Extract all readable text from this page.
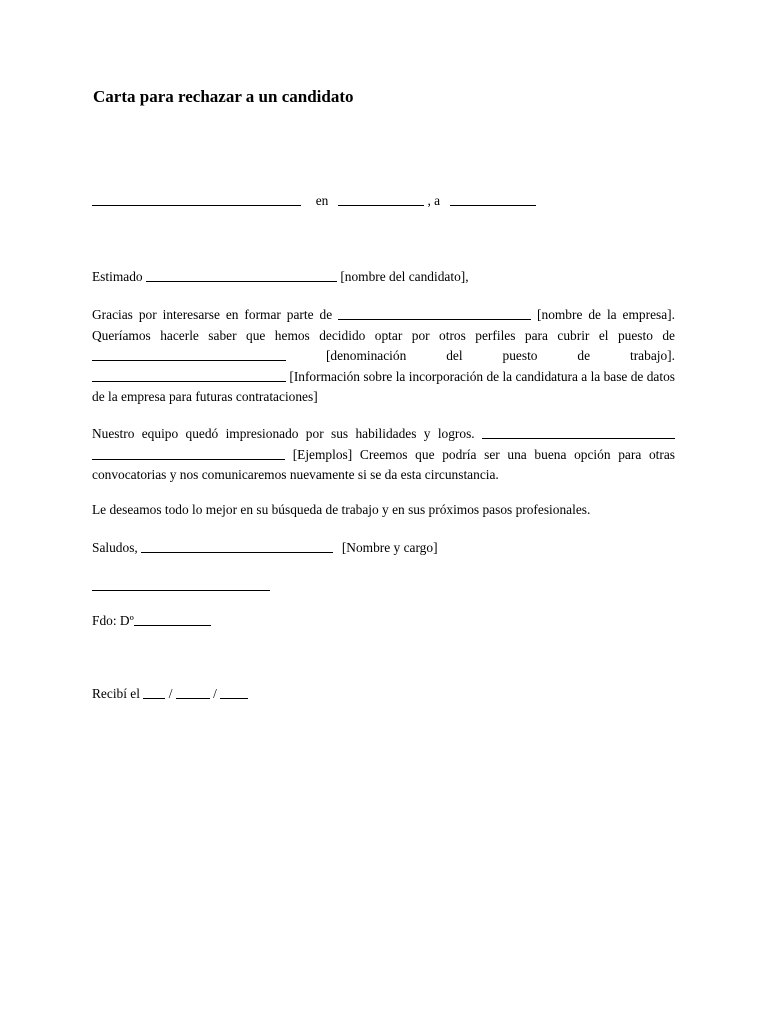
Carta para rechazar a un candidato
en	, a
Estimado	[nombre del candidato],

Gracias por interesarse en formar parte de	[nombre de la empresa]. Queríamos hacerle saber que hemos decidido optar por otros perfiles para cubrir el puesto de  [denominación del puesto de trabajo].  [Información sobre la incorporación de la candidatura a la base de datos de la empresa para futuras contrataciones]

Nuestro equipo quedó impresionado por sus habilidades y logros.   [Ejemplos] Creemos que podría ser una buena opción para otras convocatorias y nos comunicaremos nuevamente si se da esta circunstancia.

Le deseamos todo lo mejor en su búsqueda de trabajo y en sus próximos pasos profesionales.
Saludos,	[Nombre y cargo]
Fdo: Dº
Recibí el /	/
